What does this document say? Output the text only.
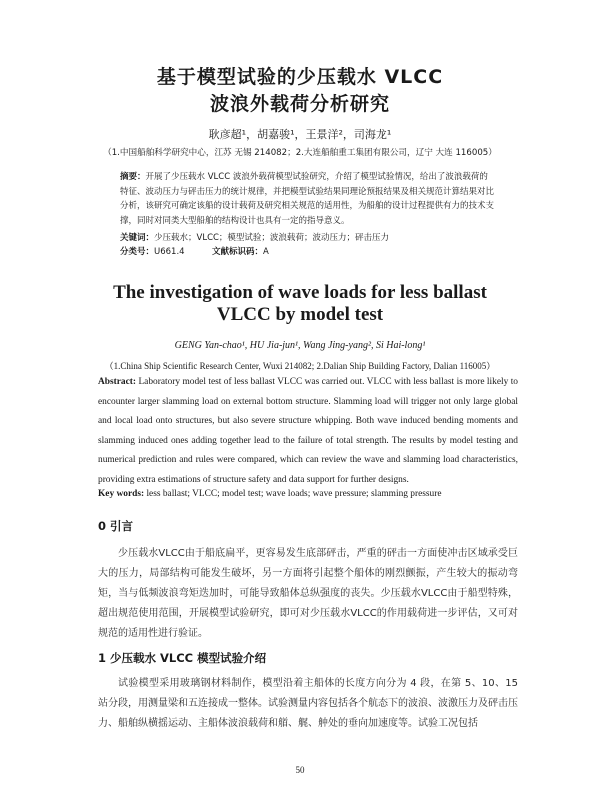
基于模型试验的少压载水 VLCC
波浪外载荷分析研究
耿彦超¹，胡嘉骏¹，王景洋²，司海龙¹
（1.中国船舶科学研究中心，江苏 无锡 214082；2.大连船舶重工集团有限公司，辽宁 大连 116005）
摘要：开展了少压载水 VLCC 波浪外载荷模型试验研究，介绍了模型试验情况，给出了波浪载荷的特征、波动压力与砰击压力的统计规律，并把模型试验结果同理论预报结果及相关规范计算结果对比分析，该研究可确定该船的设计载荷及研究相关规范的适用性，为船舶的设计过程提供有力的技术支撑，同时对同类大型船舶的结构设计也具有一定的指导意义。
关键词：少压载水；VLCC；模型试验；波浪载荷；波动压力；砰击压力
分类号：U661.4	文献标识码：A
The investigation of wave loads for less ballast
VLCC by model test
GENG Yan-chao¹, HU Jia-jun¹, Wang Jing-yang², Si Hai-long¹
（1.China Ship Scientific Research Center, Wuxi 214082; 2.Dalian Ship Building Factory, Dalian 116005）
Abstract: Laboratory model test of less ballast VLCC was carried out. VLCC with less ballast is more likely to encounter larger slamming load on external bottom structure. Slamming load will trigger not only large global and local load onto structures, but also severe structure whipping. Both wave induced bending moments and slamming induced ones adding together lead to the failure of total strength. The results by model testing and numerical prediction and rules were compared, which can review the wave and slamming load characteristics, providing extra estimations of structure safety and data support for further designs.
Key words: less ballast; VLCC; model test; wave loads; wave pressure; slamming pressure
0 引言
少压载水VLCC由于船底扁平，更容易发生底部砰击，严重的砰击一方面使冲击区域承受巨大的压力，局部结构可能发生破坏，另一方面将引起整个船体的刚烈颤振，产生较大的振动弯矩，当与低频波浪弯矩迭加时，可能导致船体总纵强度的丧失。少压载水VLCC由于船型特殊，超出规范使用范围，开展模型试验研究，即可对少压载水VLCC的作用载荷进一步评估，又可对规范的适用性进行验证。
1 少压载水 VLCC 模型试验介绍
试验模型采用玻璃钢材料制作，模型沿着主船体的长度方向分为 4 段，在第 5、10、15 站分段，用测量梁和五连接成一整体。试验测量内容包括各个航态下的波浪、波激压力及砰击压力、船舶纵横摇运动、主船体波浪载荷和艏、艉、舯处的垂向加速度等。试验工况包括
50
